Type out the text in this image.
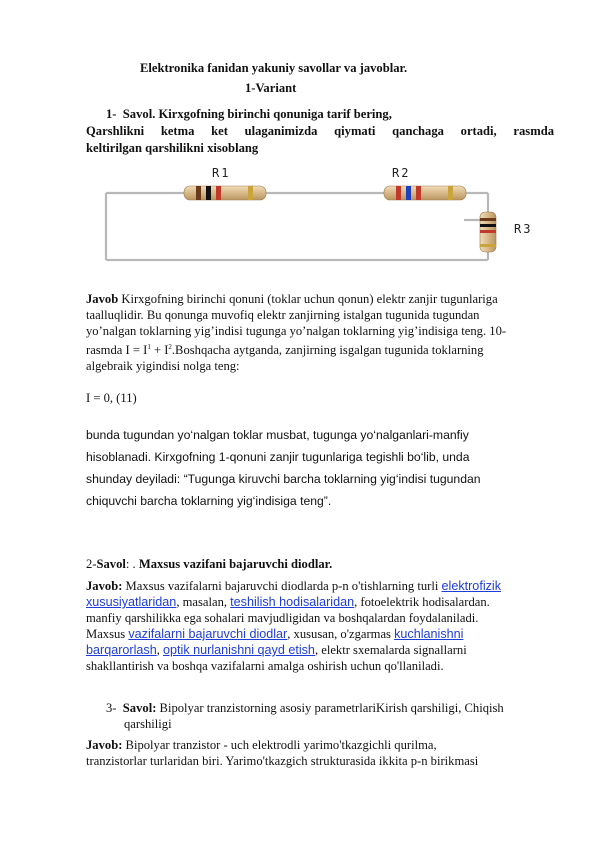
Elektronika fanidan yakuniy savollar va javoblar.
1-Variant
1- Savol. Kirxgofning birinchi qonuniga tarif bering,
Qarshlikni ketma ket ulaganimizda qiymati qanchaga ortadi, rasmda
keltirilgan qarshilikni xisoblang
R1	R2
R3
Javob Kirxgofning birinchi qonuni (toklar uchun qonun) elektr zanjir tugunlariga
taalluqlidir. Bu qonunga muvofiq elektr zanjirning istalgan tugunida tugundan
yo’nalgan toklarning yig’indisi tugunga yo’nalgan toklarning yig’indisiga teng. 10-
rasmda $I = I^1$ + $I^2.Boshqacha$ aytganda, zanjirning isgalgan tugunida toklarning
algebraik yigindisi nolga teng:
I = 0, (11)
bunda tugundan yo‘nalgan toklar musbat, tugunga yo‘nalganlari-manfiy
hisoblanadi. Kirxgofning 1-qonuni zanjir tugunlariga tegishli bo‘lib, unda
shunday deyiladi: “Tugunga kiruvchi barcha toklarning yig‘indisi tugundan
chiquvchi barcha toklarning yig‘indisiga teng”.
2-Savol: . Maxsus vazifani bajaruvchi diodlar.
Javob: Maxsus vazifalarni bajaruvchi diodlarda p-n o'tishlarning turli elektrofizik
xususiyatlaridan, masalan, teshilish hodisalaridan, fotoelektrik hodisalardan.
manfiy qarshilikka ega sohalari mavjudligidan va boshqalardan foydalaniladi.
Maxsus vazifalarni bajaruvchi diodlar, xususan, o'zgarmas kuchlanishni
barqarorlash, optik nurlanishni qayd etish, elektr sxemalarda signallarni
shakllantirish va boshqa vazifalarni amalga oshirish uchun qo'llaniladi.
3- Savol: Bipolyar tranzistorning asosiy parametrlariKirish qarshiligi, Chiqish
qarshiligi
Javob: Bipolyar tranzistor - uch elektrodli yarimo'tkazgichli qurilma,
tranzistorlar turlaridan biri. Yarimo'tkazgich strukturasida ikkita p-n birikmasi
